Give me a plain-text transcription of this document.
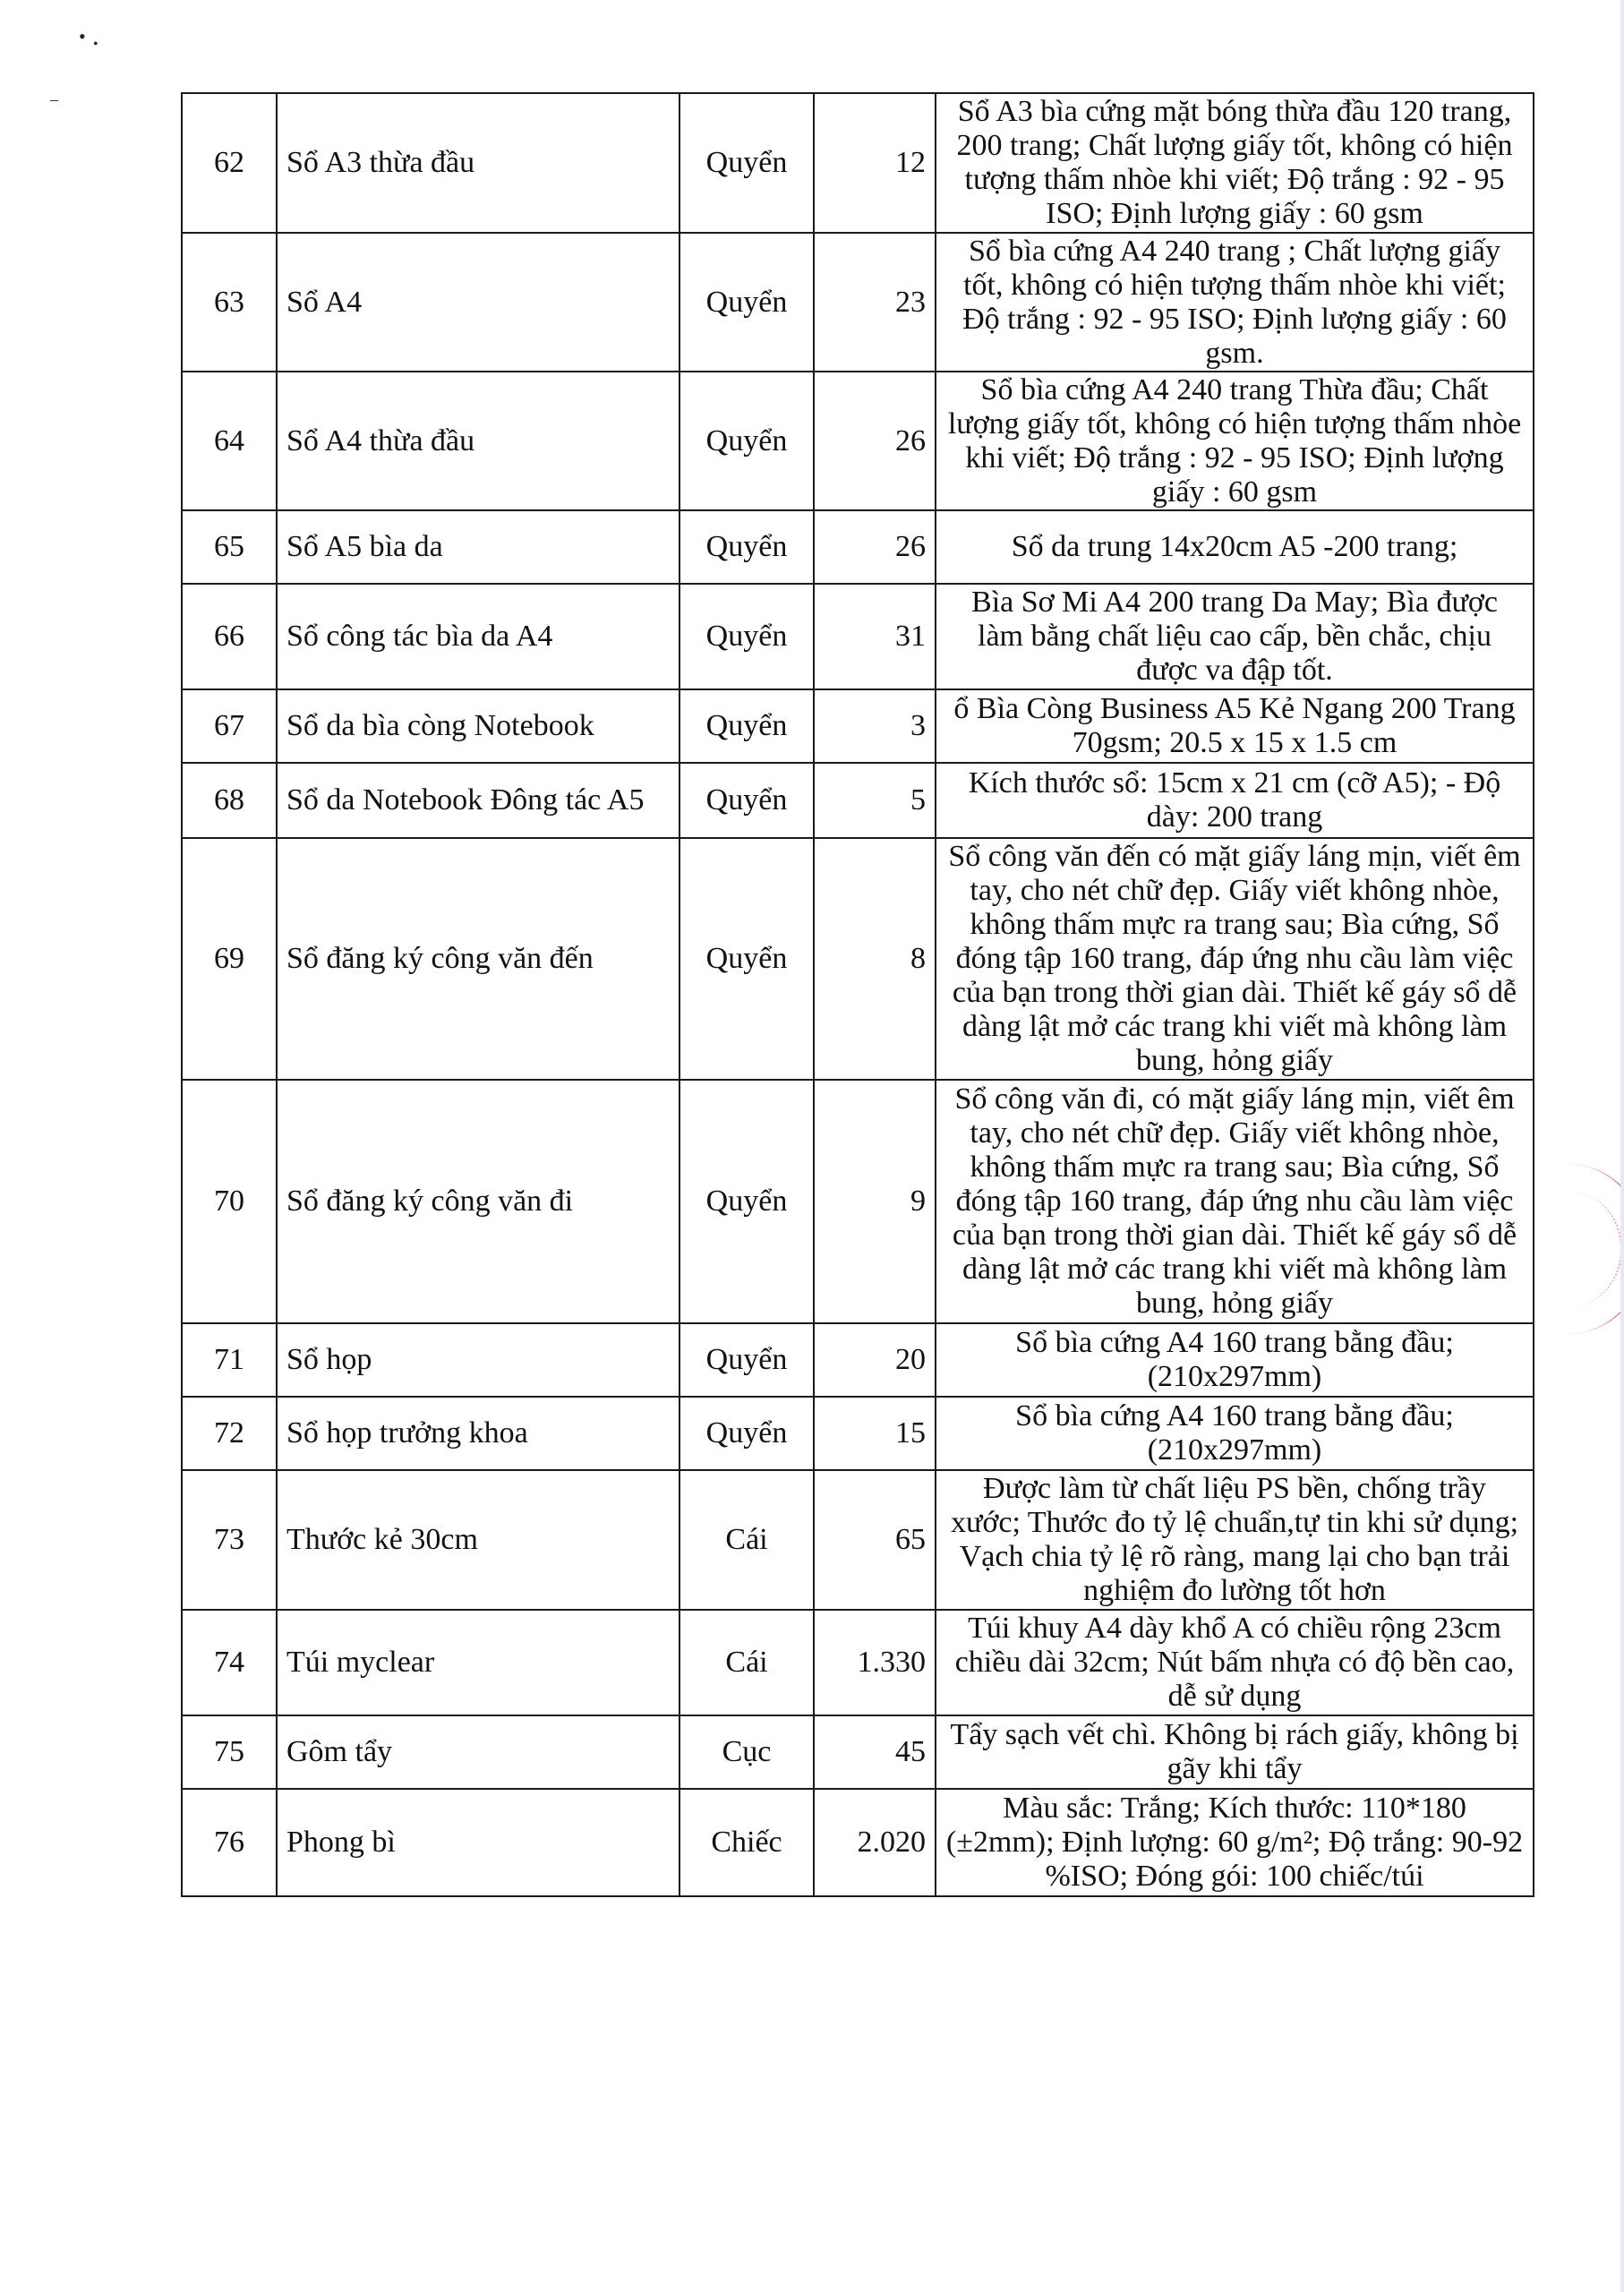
• •
–
62	Sổ A3 thừa đầu	Quyển	12	Sổ A3 bìa cứng mặt bóng thừa đầu 120 trang, 200 trang; Chất lượng giấy tốt, không có hiện tượng thấm nhòe khi viết; Độ trắng : 92 - 95 ISO; Định lượng giấy : 60 gsm
63	Sổ A4	Quyển	23	Sổ bìa cứng A4 240 trang ; Chất lượng giấy tốt, không có hiện tượng thấm nhòe khi viết; Độ trắng : 92 - 95 ISO; Định lượng giấy : 60 gsm.
64	Sổ A4 thừa đầu	Quyển	26	Sổ bìa cứng A4 240 trang Thừa đầu; Chất lượng giấy tốt, không có hiện tượng thấm nhòe khi viết; Độ trắng : 92 - 95 ISO; Định lượng giấy : 60 gsm
65	Sổ A5 bìa da	Quyển	26	Sổ da trung 14x20cm A5 -200 trang;
66	Sổ công tác bìa da A4	Quyển	31	Bìa Sơ Mi A4 200 trang Da May; Bìa được làm bằng chất liệu cao cấp, bền chắc, chịu được va đập tốt.
67	Sổ da bìa còng Notebook	Quyển	3	ổ Bìa Còng Business A5 Kẻ Ngang 200 Trang 70gsm; 20.5 x 15 x 1.5 cm
68	Sổ da Notebook Đông tác A5	Quyển	5	Kích thước sổ: 15cm x 21 cm (cỡ A5); - Độ dày: 200 trang
69	Sổ đăng ký công văn đến	Quyển	8	Sổ công văn đến có mặt giấy láng mịn, viết êm tay, cho nét chữ đẹp. Giấy viết không nhòe, không thấm mực ra trang sau; Bìa cứng, Sổ đóng tập 160 trang, đáp ứng nhu cầu làm việc của bạn trong thời gian dài. Thiết kế gáy sổ dễ dàng lật mở các trang khi viết mà không làm bung, hỏng giấy
70	Sổ đăng ký công văn đi	Quyển	9	Sổ công văn đi, có mặt giấy láng mịn, viết êm tay, cho nét chữ đẹp. Giấy viết không nhòe, không thấm mực ra trang sau; Bìa cứng, Sổ đóng tập 160 trang, đáp ứng nhu cầu làm việc của bạn trong thời gian dài. Thiết kế gáy sổ dễ dàng lật mở các trang khi viết mà không làm bung, hỏng giấy
71	Sổ họp	Quyển	20	Sổ bìa cứng A4 160 trang bằng đầu; (210x297mm)
72	Sổ họp trưởng khoa	Quyển	15	Sổ bìa cứng A4 160 trang bằng đầu; (210x297mm)
73	Thước kẻ 30cm	Cái	65	Được làm từ chất liệu PS bền, chống trầy xước; Thước đo tỷ lệ chuẩn,tự tin khi sử dụng; Vạch chia tỷ lệ rõ ràng, mang lại cho bạn trải nghiệm đo lường tốt hơn
74	Túi myclear	Cái	1.330	Túi khuy A4 dày khổ A có chiều rộng 23cm chiều dài 32cm; Nút bấm nhựa có độ bền cao, dễ sử dụng
75	Gôm tẩy	Cục	45	Tẩy sạch vết chì. Không bị rách giấy, không bị gãy khi tẩy
76	Phong bì	Chiếc	2.020	Màu sắc: Trắng; Kích thước: 110*180 (±2mm); Định lượng: 60 g/m²; Độ trắng: 90-92 %ISO; Đóng gói: 100 chiếc/túi
